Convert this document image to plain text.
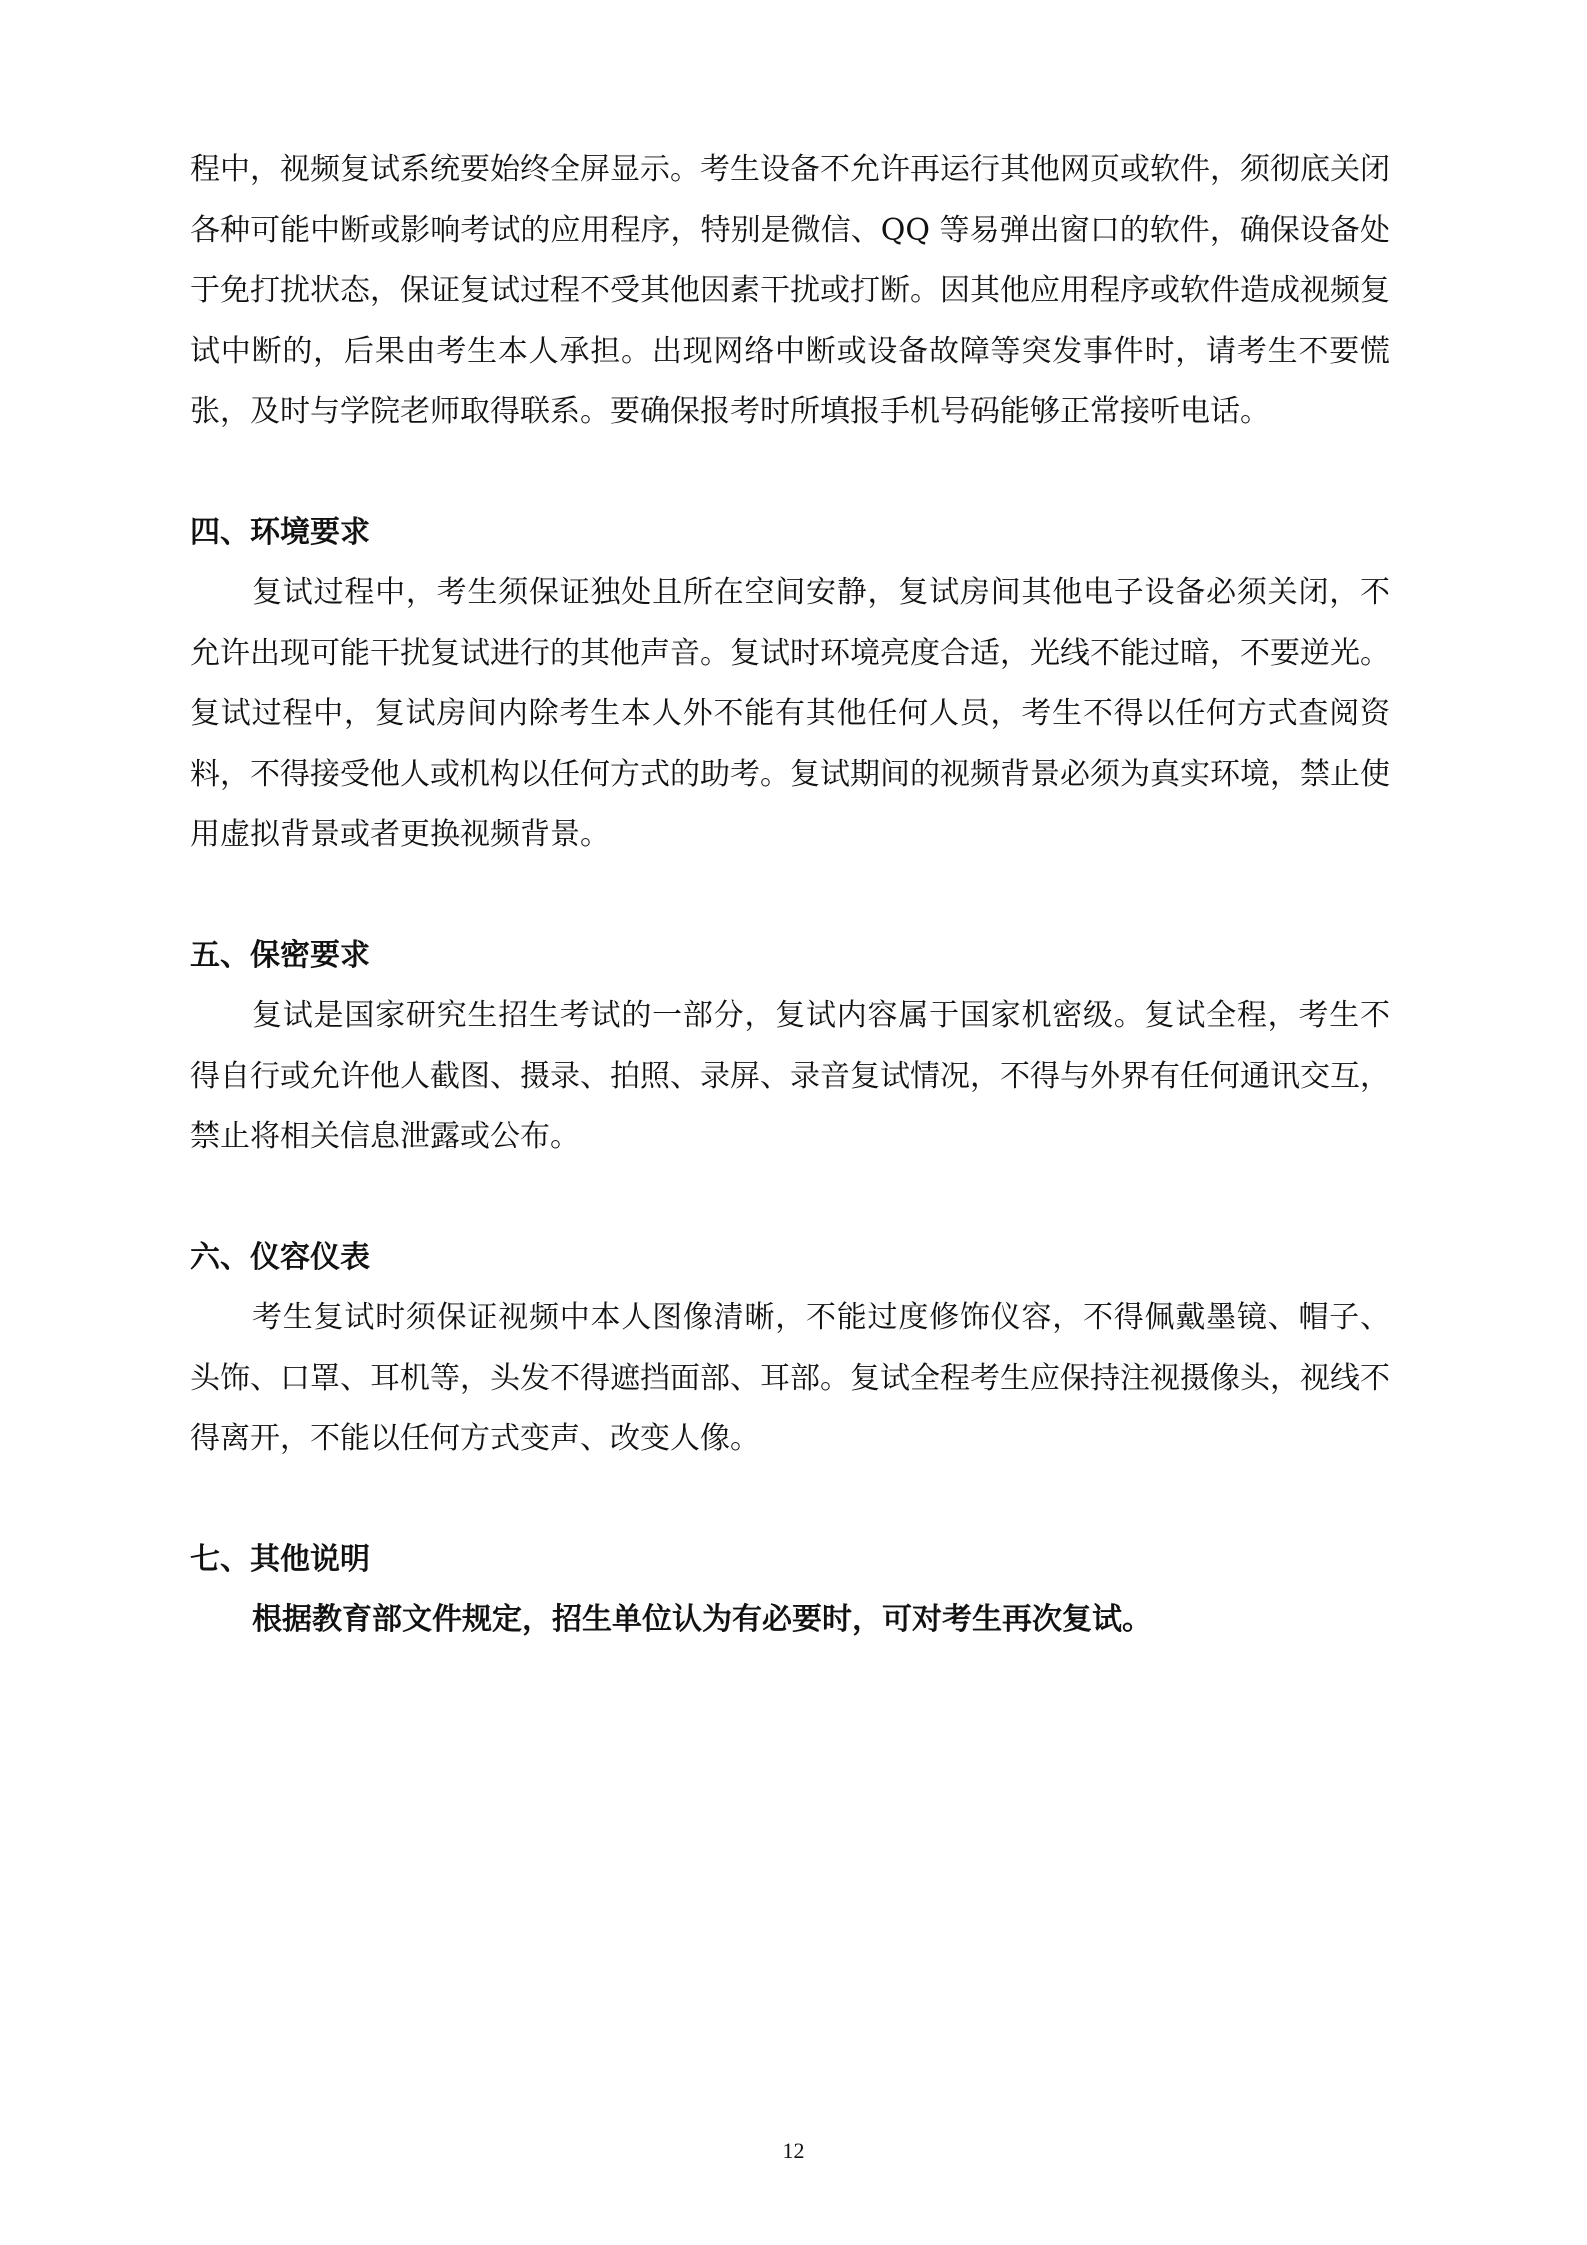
程中，视频复试系统要始终全屏显示。考生设备不允许再运行其他网页或软件，须彻底关闭各种可能中断或影响考试的应用程序，特别是微信、QQ 等易弹出窗口的软件，确保设备处于免打扰状态，保证复试过程不受其他因素干扰或打断。因其他应用程序或软件造成视频复试中断的，后果由考生本人承担。出现网络中断或设备故障等突发事件时，请考生不要慌张，及时与学院老师取得联系。要确保报考时所填报手机号码能够正常接听电话。

四、环境要求

复试过程中，考生须保证独处且所在空间安静，复试房间其他电子设备必须关闭，不允许出现可能干扰复试进行的其他声音。复试时环境亮度合适，光线不能过暗，不要逆光。复试过程中，复试房间内除考生本人外不能有其他任何人员，考生不得以任何方式查阅资料，不得接受他人或机构以任何方式的助考。复试期间的视频背景必须为真实环境，禁止使用虚拟背景或者更换视频背景。

五、保密要求

复试是国家研究生招生考试的一部分，复试内容属于国家机密级。复试全程，考生不得自行或允许他人截图、摄录、拍照、录屏、录音复试情况，不得与外界有任何通讯交互，禁止将相关信息泄露或公布。

六、仪容仪表

考生复试时须保证视频中本人图像清晰，不能过度修饰仪容，不得佩戴墨镜、帽子、头饰、口罩、耳机等，头发不得遮挡面部、耳部。复试全程考生应保持注视摄像头，视线不得离开，不能以任何方式变声、改变人像。

七、其他说明

根据教育部文件规定，招生单位认为有必要时，可对考生再次复试。

12
